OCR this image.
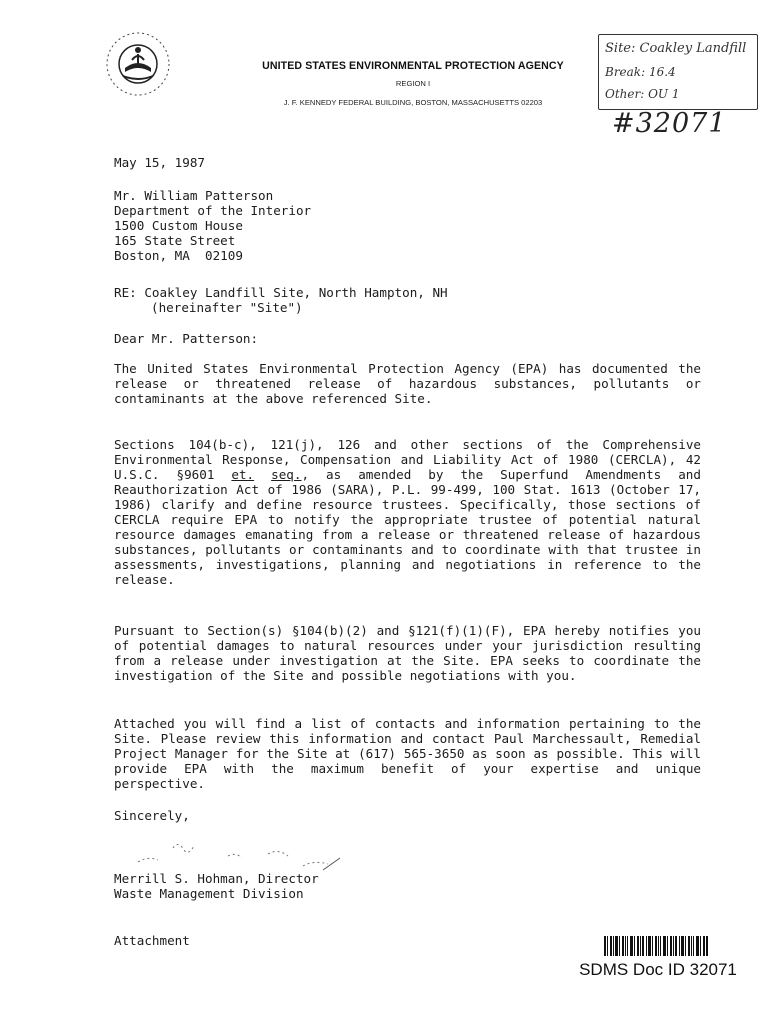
UNITED STATES ENVIRONMENTAL PROTECTION AGENCY
REGION I
J. F. KENNEDY FEDERAL BUILDING, BOSTON, MASSACHUSETTS 02203
Site: Coakley Landfill
Break: 16.4
Other: OU 1
#32071
May 15, 1987
Mr. William Patterson
Department of the Interior
1500 Custom House
165 State Street
Boston, MA  02109
RE: Coakley Landfill Site, North Hampton, NH
(hereinafter "Site")
Dear Mr. Patterson:
The United States Environmental Protection Agency (EPA) has documented the release or threatened release of hazardous substances, pollutants or contaminants at the above referenced Site.
Sections 104(b-c), 121(j), 126 and other sections of the Comprehensive Environmental Response, Compensation and Liability Act of 1980 (CERCLA), 42 U.S.C. §9601 et. seq., as amended by the Superfund Amendments and Reauthorization Act of 1986 (SARA), P.L. 99-499, 100 Stat. 1613 (October 17, 1986) clarify and define resource trustees. Specifically, those sections of CERCLA require EPA to notify the appropriate trustee of potential natural resource damages emanating from a release or threatened release of hazardous substances, pollutants or contaminants and to coordinate with that trustee in assessments, investigations, planning and negotiations in reference to the release.
Pursuant to Section(s) §104(b)(2) and §121(f)(1)(F), EPA hereby notifies you of potential damages to natural resources under your jurisdiction resulting from a release under investigation at the Site. EPA seeks to coordinate the investigation of the Site and possible negotiations with you.
Attached you will find a list of contacts and information pertaining to the Site. Please review this information and contact Paul Marchessault, Remedial Project Manager for the Site at (617) 565-3650 as soon as possible. This will provide EPA with the maximum benefit of your expertise and unique perspective.
Sincerely,
Merrill S. Hohman, Director
Waste Management Division
Attachment
SDMS Doc ID 32071
